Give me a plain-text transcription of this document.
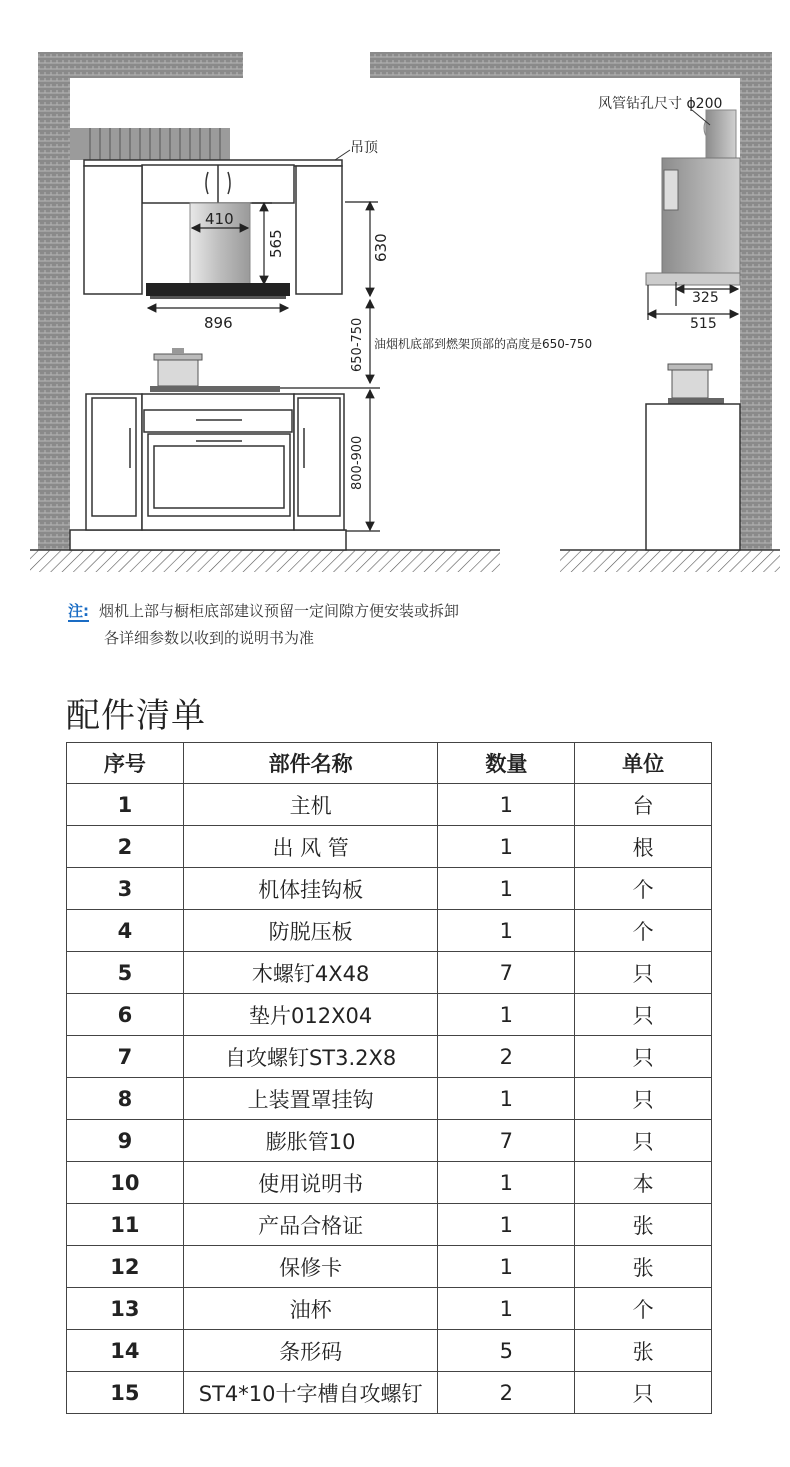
吊顶
410
565	630
896	650-750 油烟机底部到燃架顶部的高度是650-750
800-900
风管钻孔尺寸 ϕ200
325
515
注: 烟机上部与橱柜底部建议预留一定间隙方便安装或拆卸
各详细参数以收到的说明书为准
配件清单
序号	部件名称	数量	单位
1	主机	1	台
2	出 风 管	1	根
3	机体挂钩板	1	个
4	防脱压板	1	个
5	木螺钉4X48	7	只
6	垫片012X04	1	只
7	自攻螺钉ST3.2X8	2	只
8	上装置罩挂钩	1	只
9	膨胀管10	7	只
10	使用说明书	1	本
11	产品合格证	1	张
12	保修卡	1	张
13	油杯	1	个
14	条形码	5	张
15	ST4*10十字槽自攻螺钉	2	只
